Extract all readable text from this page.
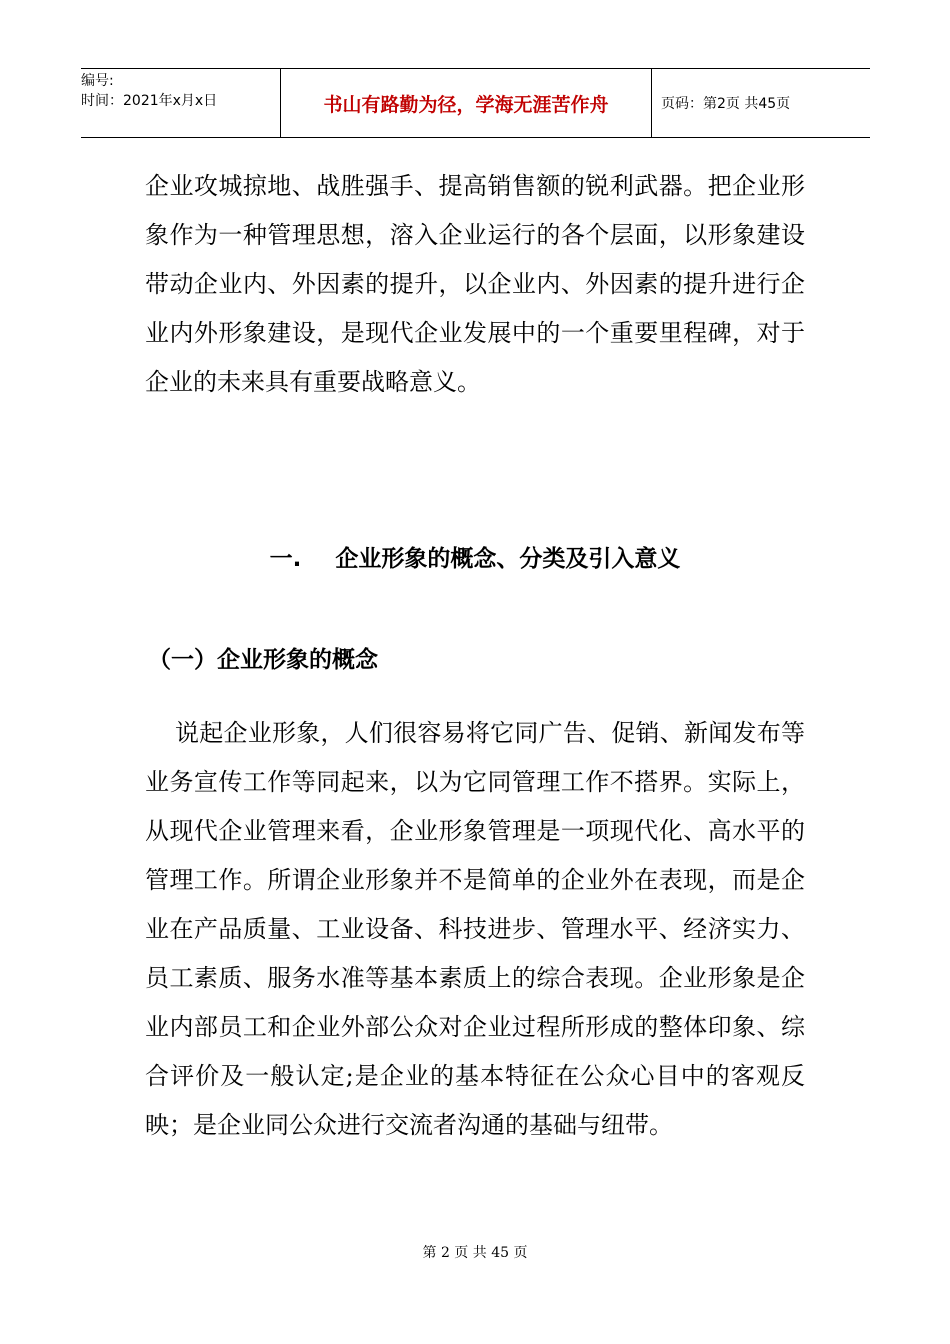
编号:
时间：2021年x月x日	书山有路勤为径，学海无涯苦作舟	页码：第2页 共45页

企业攻城掠地、战胜强手、提高销售额的锐利武器。把企业形象作为一种管理思想，溶入企业运行的各个层面，以形象建设带动企业内、外因素的提升，以企业内、外因素的提升进行企业内外形象建设，是现代企业发展中的一个重要里程碑，对于企业的未来具有重要战略意义。

一. 企业形象的概念、分类及引入意义
（一）企业形象的概念

说起企业形象，人们很容易将它同广告、促销、新闻发布等业务宣传工作等同起来，以为它同管理工作不搭界。实际上，从现代企业管理来看，企业形象管理是一项现代化、高水平的管理工作。所谓企业形象并不是简单的企业外在表现，而是企业在产品质量、工业设备、科技进步、管理水平、经济实力、员工素质、服务水准等基本素质上的综合表现。企业形象是企业内部员工和企业外部公众对企业过程所形成的整体印象、综合评价及一般认定;是企业的基本特征在公众心目中的客观反映；是企业同公众进行交流者沟通的基础与纽带。

第 2 页 共 45 页
